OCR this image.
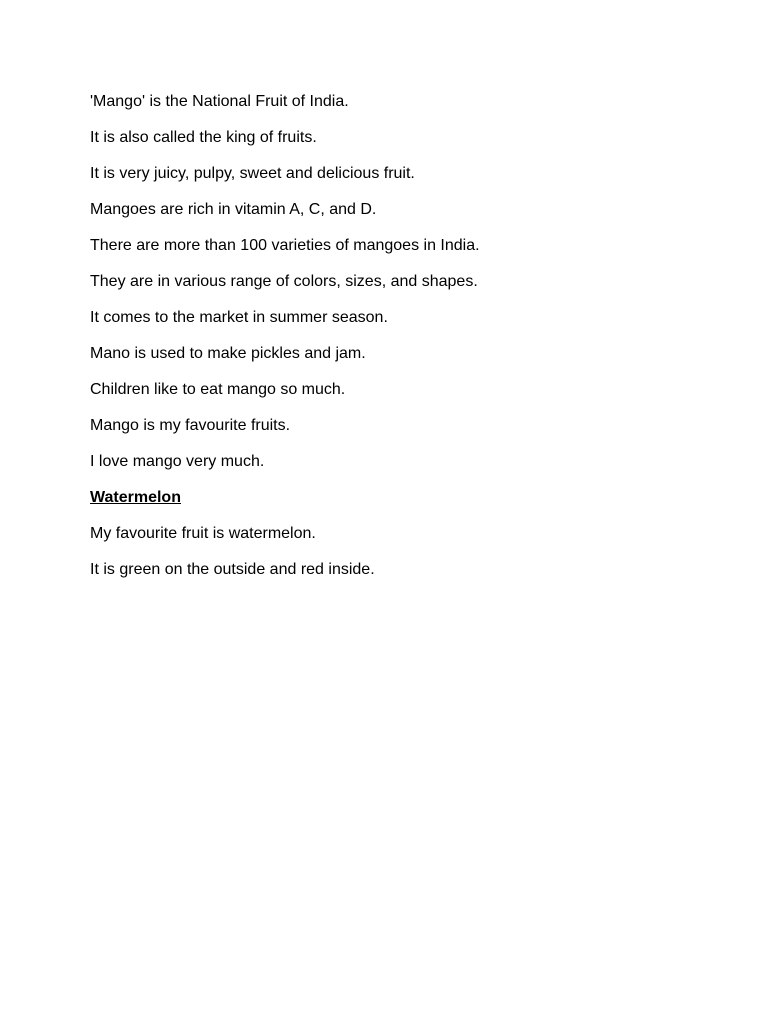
'Mango' is the National Fruit of India.
It is also called the king of fruits.
It is very juicy, pulpy, sweet and delicious fruit.
Mangoes are rich in vitamin A, C, and D.
There are more than 100 varieties of mangoes in India.
They are in various range of colors, sizes, and shapes.
It comes to the market in summer season.
Mano is used to make pickles and jam.
Children like to eat mango so much.
Mango is my favourite fruits.
I love mango very much.
Watermelon
My favourite fruit is watermelon.
It is green on the outside and red inside.
